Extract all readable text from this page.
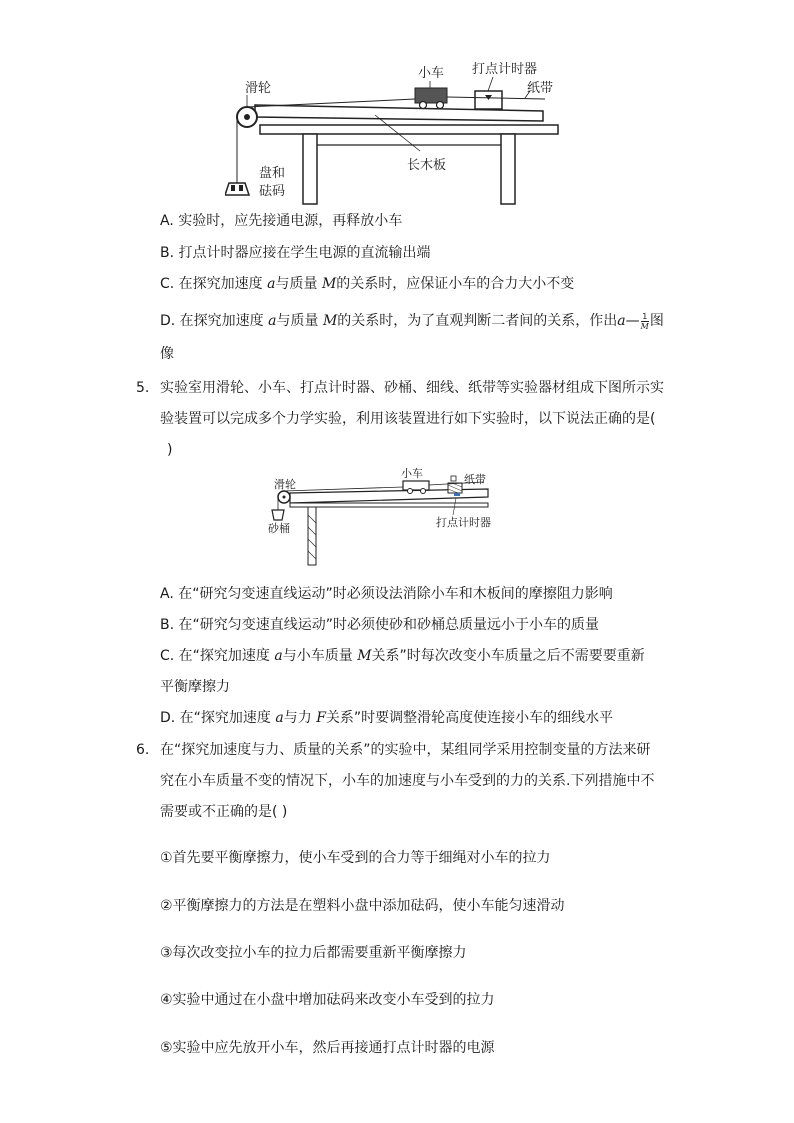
滑轮
小车 打点计时器
纸带
盘和
砝码
长木板
A. 实验时，应先接通电源，再释放小车
B. 打点计时器应接在学生电源的直流输出端
C. 在探究加速度 a与质量 M的关系时，应保证小车的合力大小不变
D. 在探究加速度 a与质量 M的关系时，为了直观判断二者间的关系，作出a— $\frac{1}{M}$ 图
像
5. 实验室用滑轮、小车、打点计时器、砂桶、细线、纸带等实验器材组成下图所示实
验装置可以完成多个力学实验，利用该装置进行如下实验时，以下说法正确的是(
)
滑轮
小车	纸带
砂桶	打点计时器
A. 在“研究匀变速直线运动”时必须设法消除小车和木板间的摩擦阻力影响
B. 在“研究匀变速直线运动”时必须使砂和砂桶总质量远小于小车的质量
C. 在“探究加速度 a与小车质量 M关系”时每次改变小车质量之后不需要要重新
平衡摩擦力
D. 在“探究加速度 a与力 F关系”时要调整滑轮高度使连接小车的细线水平
6. 在“探究加速度与力、质量的关系”的实验中，某组同学采用控制变量的方法来研
究在小车质量不变的情况下，小车的加速度与小车受到的力的关系.下列措施中不
需要或不正确的是( )
①首先要平衡摩擦力，使小车受到的合力等于细绳对小车的拉力
②平衡摩擦力的方法是在塑料小盘中添加砝码，使小车能匀速滑动
③每次改变拉小车的拉力后都需要重新平衡摩擦力
④实验中通过在小盘中增加砝码来改变小车受到的拉力
⑤实验中应先放开小车，然后再接通打点计时器的电源
